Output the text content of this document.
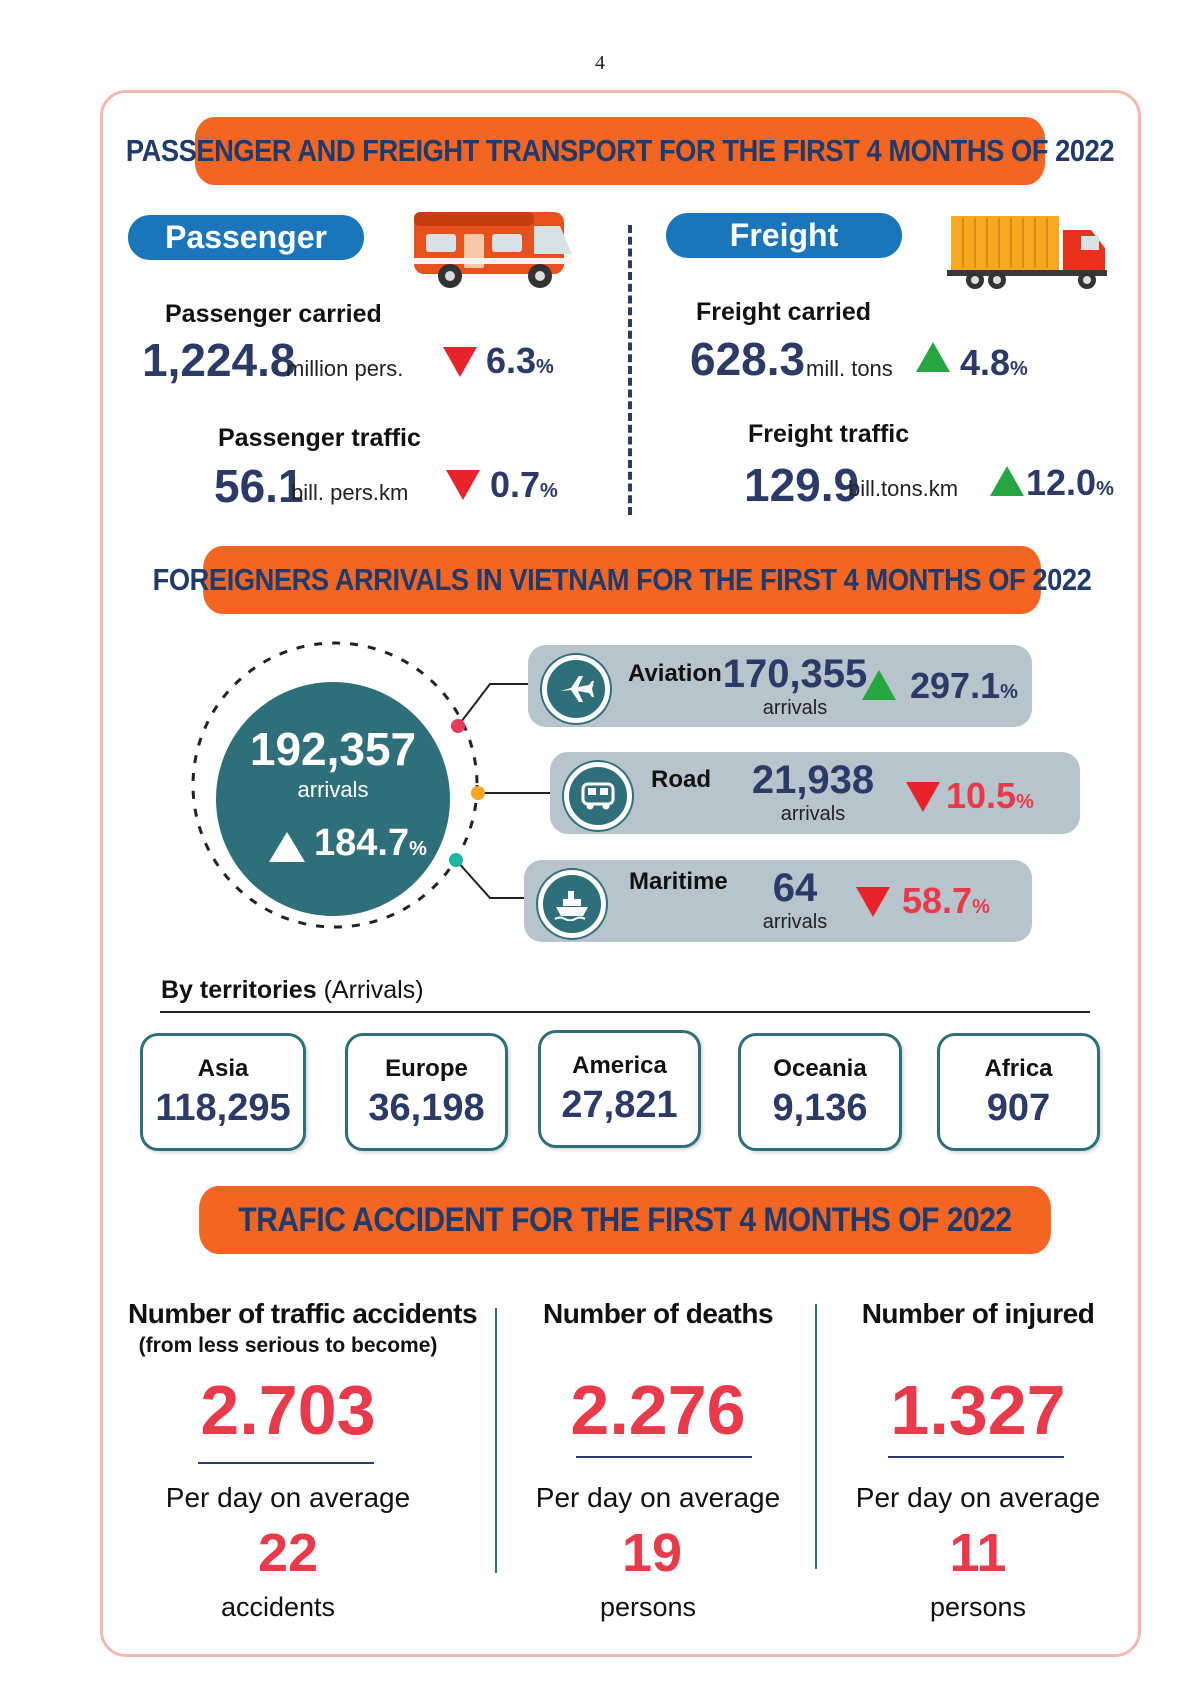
4
PASSENGER AND FREIGHT TRANSPORT FOR THE FIRST 4 MONTHS OF 2022
Passenger
Passenger carried
1,224.8
million pers. 6.3%
Passenger traffic
56.1
bill. pers.km 0.7%
Freight
Freight carried
628.3 mill. tons 4.8%
Freight traffic
129.9
bill.tons.km 12.0%
FOREIGNERS ARRIVALS IN VIETNAM FOR THE FIRST 4 MONTHS OF 2022
192,357
arrivals
184.7%
Aviation 170,355
arrivals
297.1%
Road	21,938
arrivals	10.5%
Maritime	64
arrivals
58.7%
By territories (Arrivals)
Asia
118,295
Europe
36,198
America
27,821
Oceania
9,136
Africa
907
TRAFIC ACCIDENT FOR THE FIRST 4 MONTHS OF 2022
Number of traffic accidents
(from less serious to become)
2.703
Per day on average
22
accidents
Number of deaths
2.276
Per day on average
19
persons
Number of injured
1.327
Per day on average
11
persons
